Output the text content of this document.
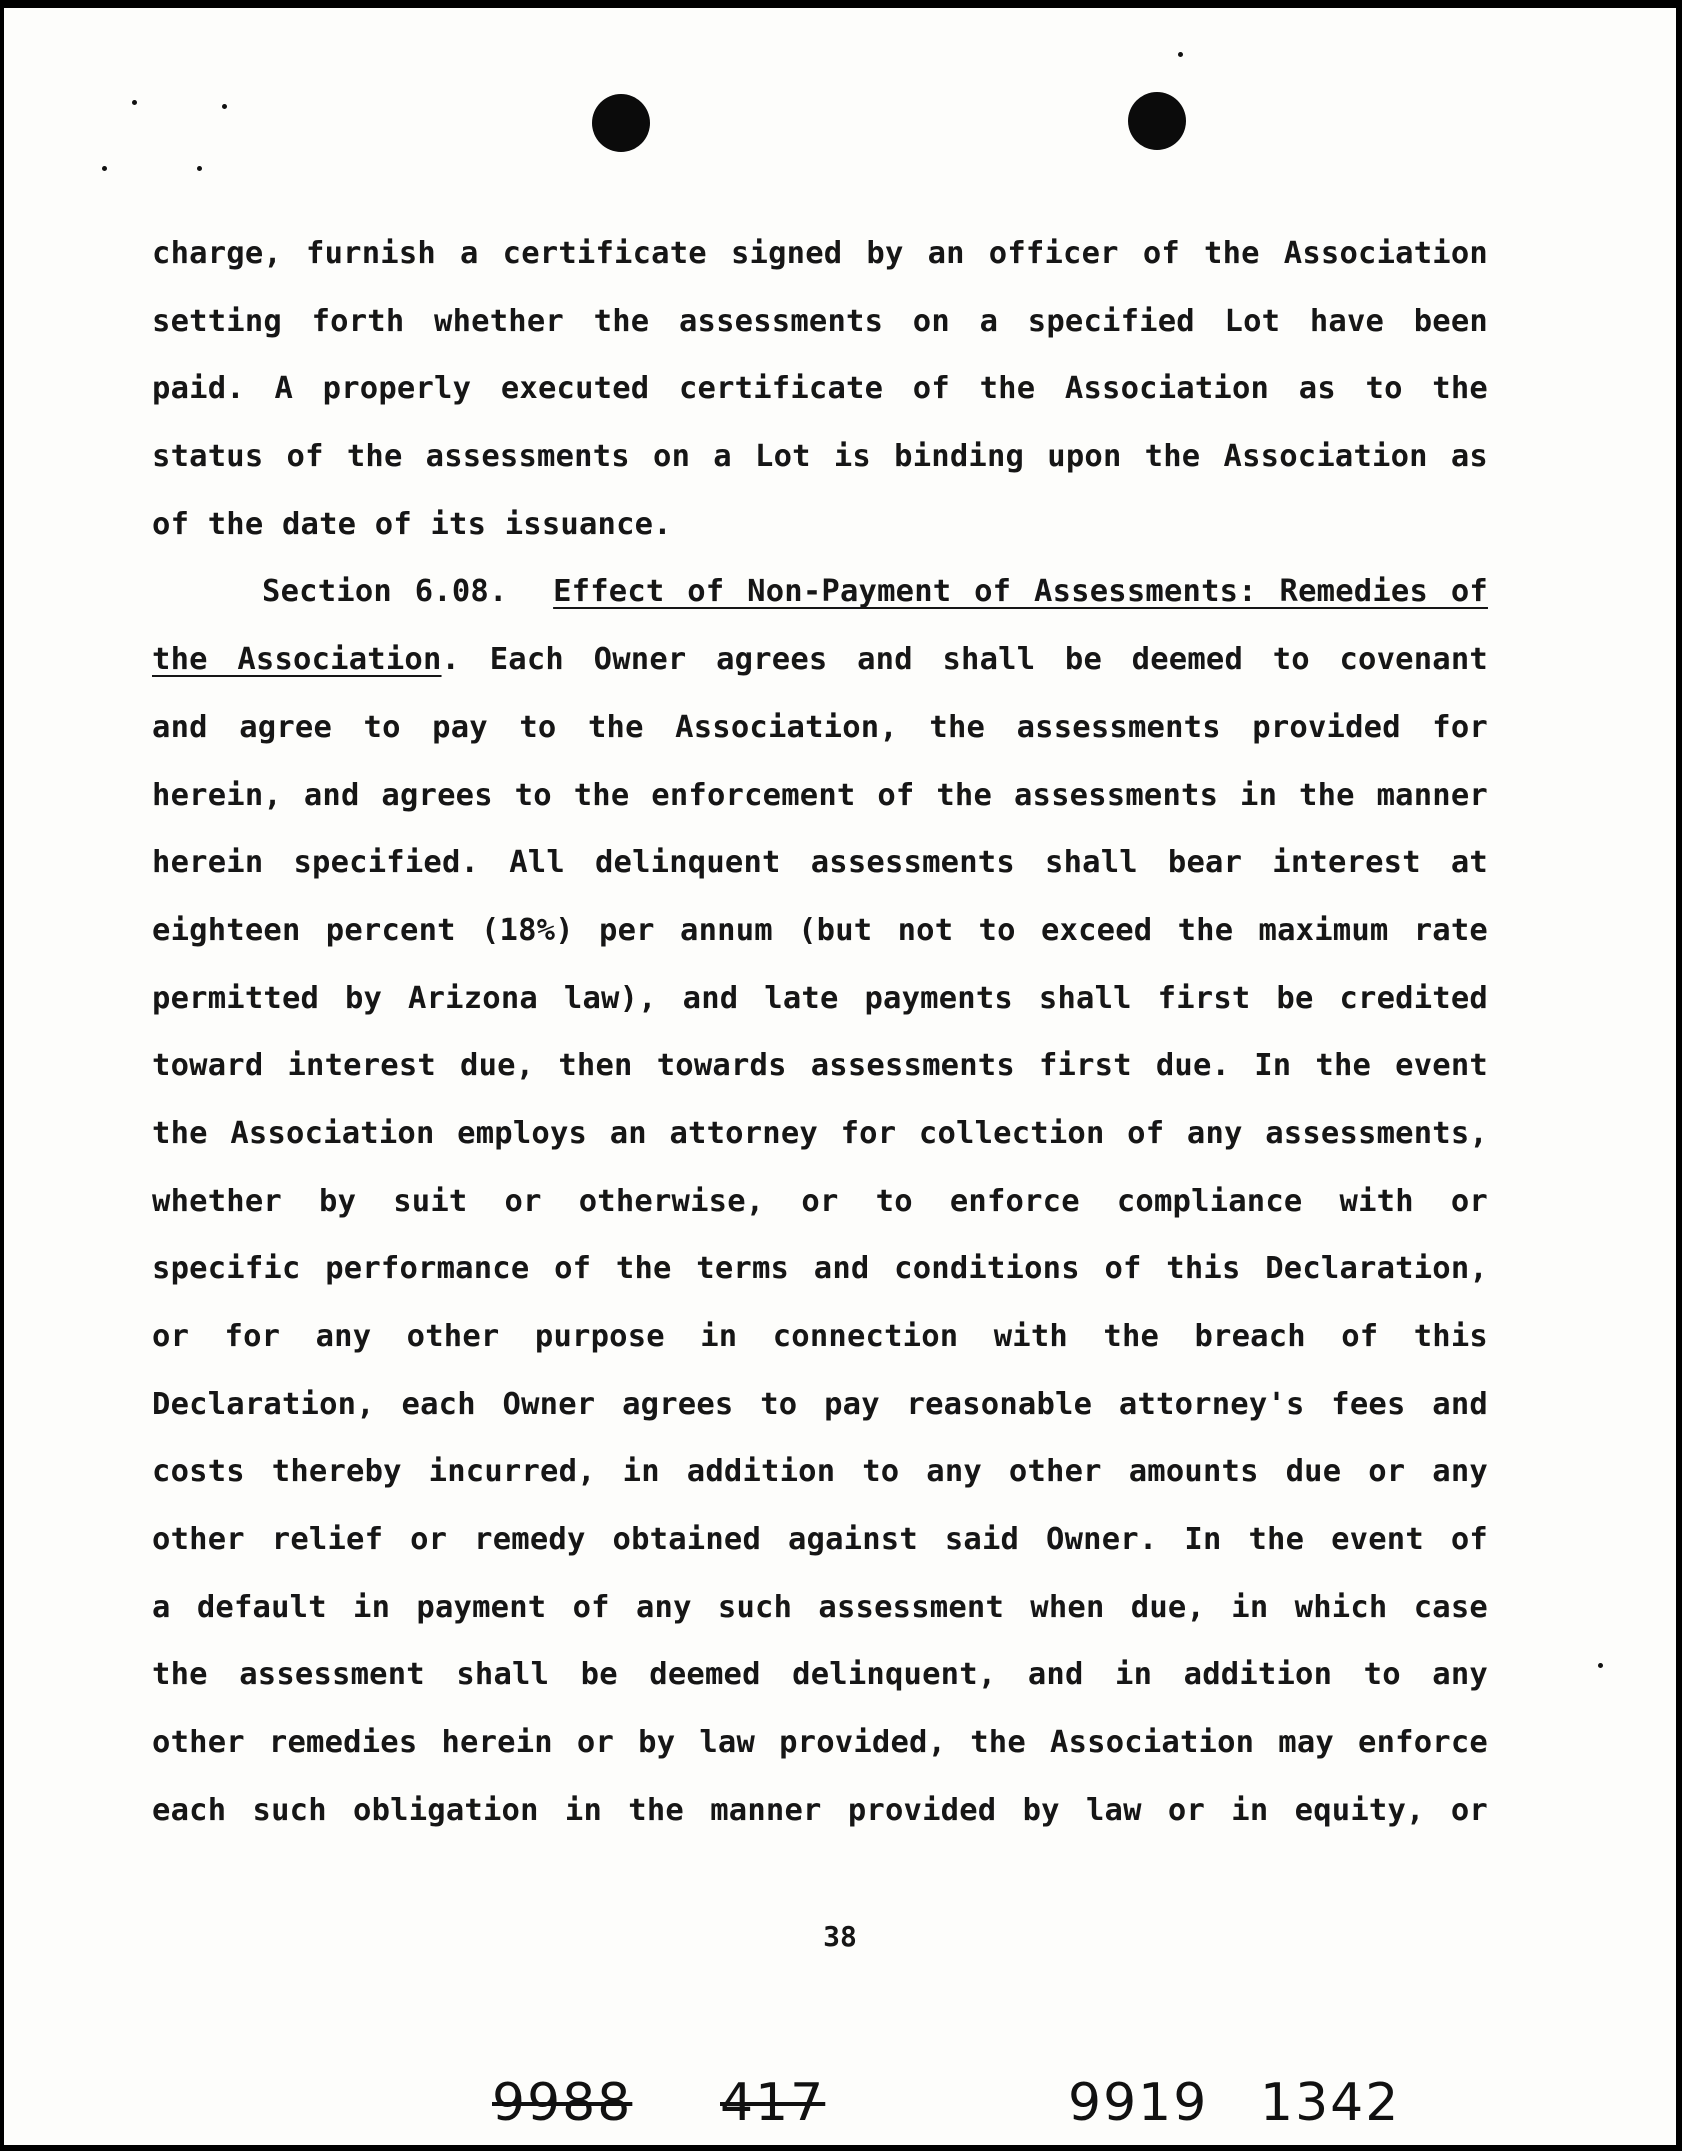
charge, furnish a certificate signed by an officer of the Association
setting forth whether the assessments on a specified Lot have been
paid. A properly executed certificate of the Association as to the
status of the assessments on a Lot is binding upon the Association as
of the date of its issuance.
Section 6.08. Effect of Non-Payment of Assessments: Remedies of
the Association. Each Owner agrees and shall be deemed to covenant
and agree to pay to the Association, the assessments provided for
herein, and agrees to the enforcement of the assessments in the manner
herein specified. All delinquent assessments shall bear interest at
eighteen percent (18%) per annum (but not to exceed the maximum rate
permitted by Arizona law), and late payments shall first be credited
toward interest due, then towards assessments first due. In the event
the Association employs an attorney for collection of any assessments,
whether by suit or otherwise, or to enforce compliance with or
specific performance of the terms and conditions of this Declaration,
or for any other purpose in connection with the breach of this
Declaration, each Owner agrees to pay reasonable attorney's fees and
costs thereby incurred, in addition to any other amounts due or any
other relief or remedy obtained against said Owner. In the event of
a default in payment of any such assessment when due, in which case
the assessment shall be deemed delinquent, and in addition to any
other remedies herein or by law provided, the Association may enforce
each such obligation in the manner provided by law or in equity, or
38
9988 417	9919 1342
